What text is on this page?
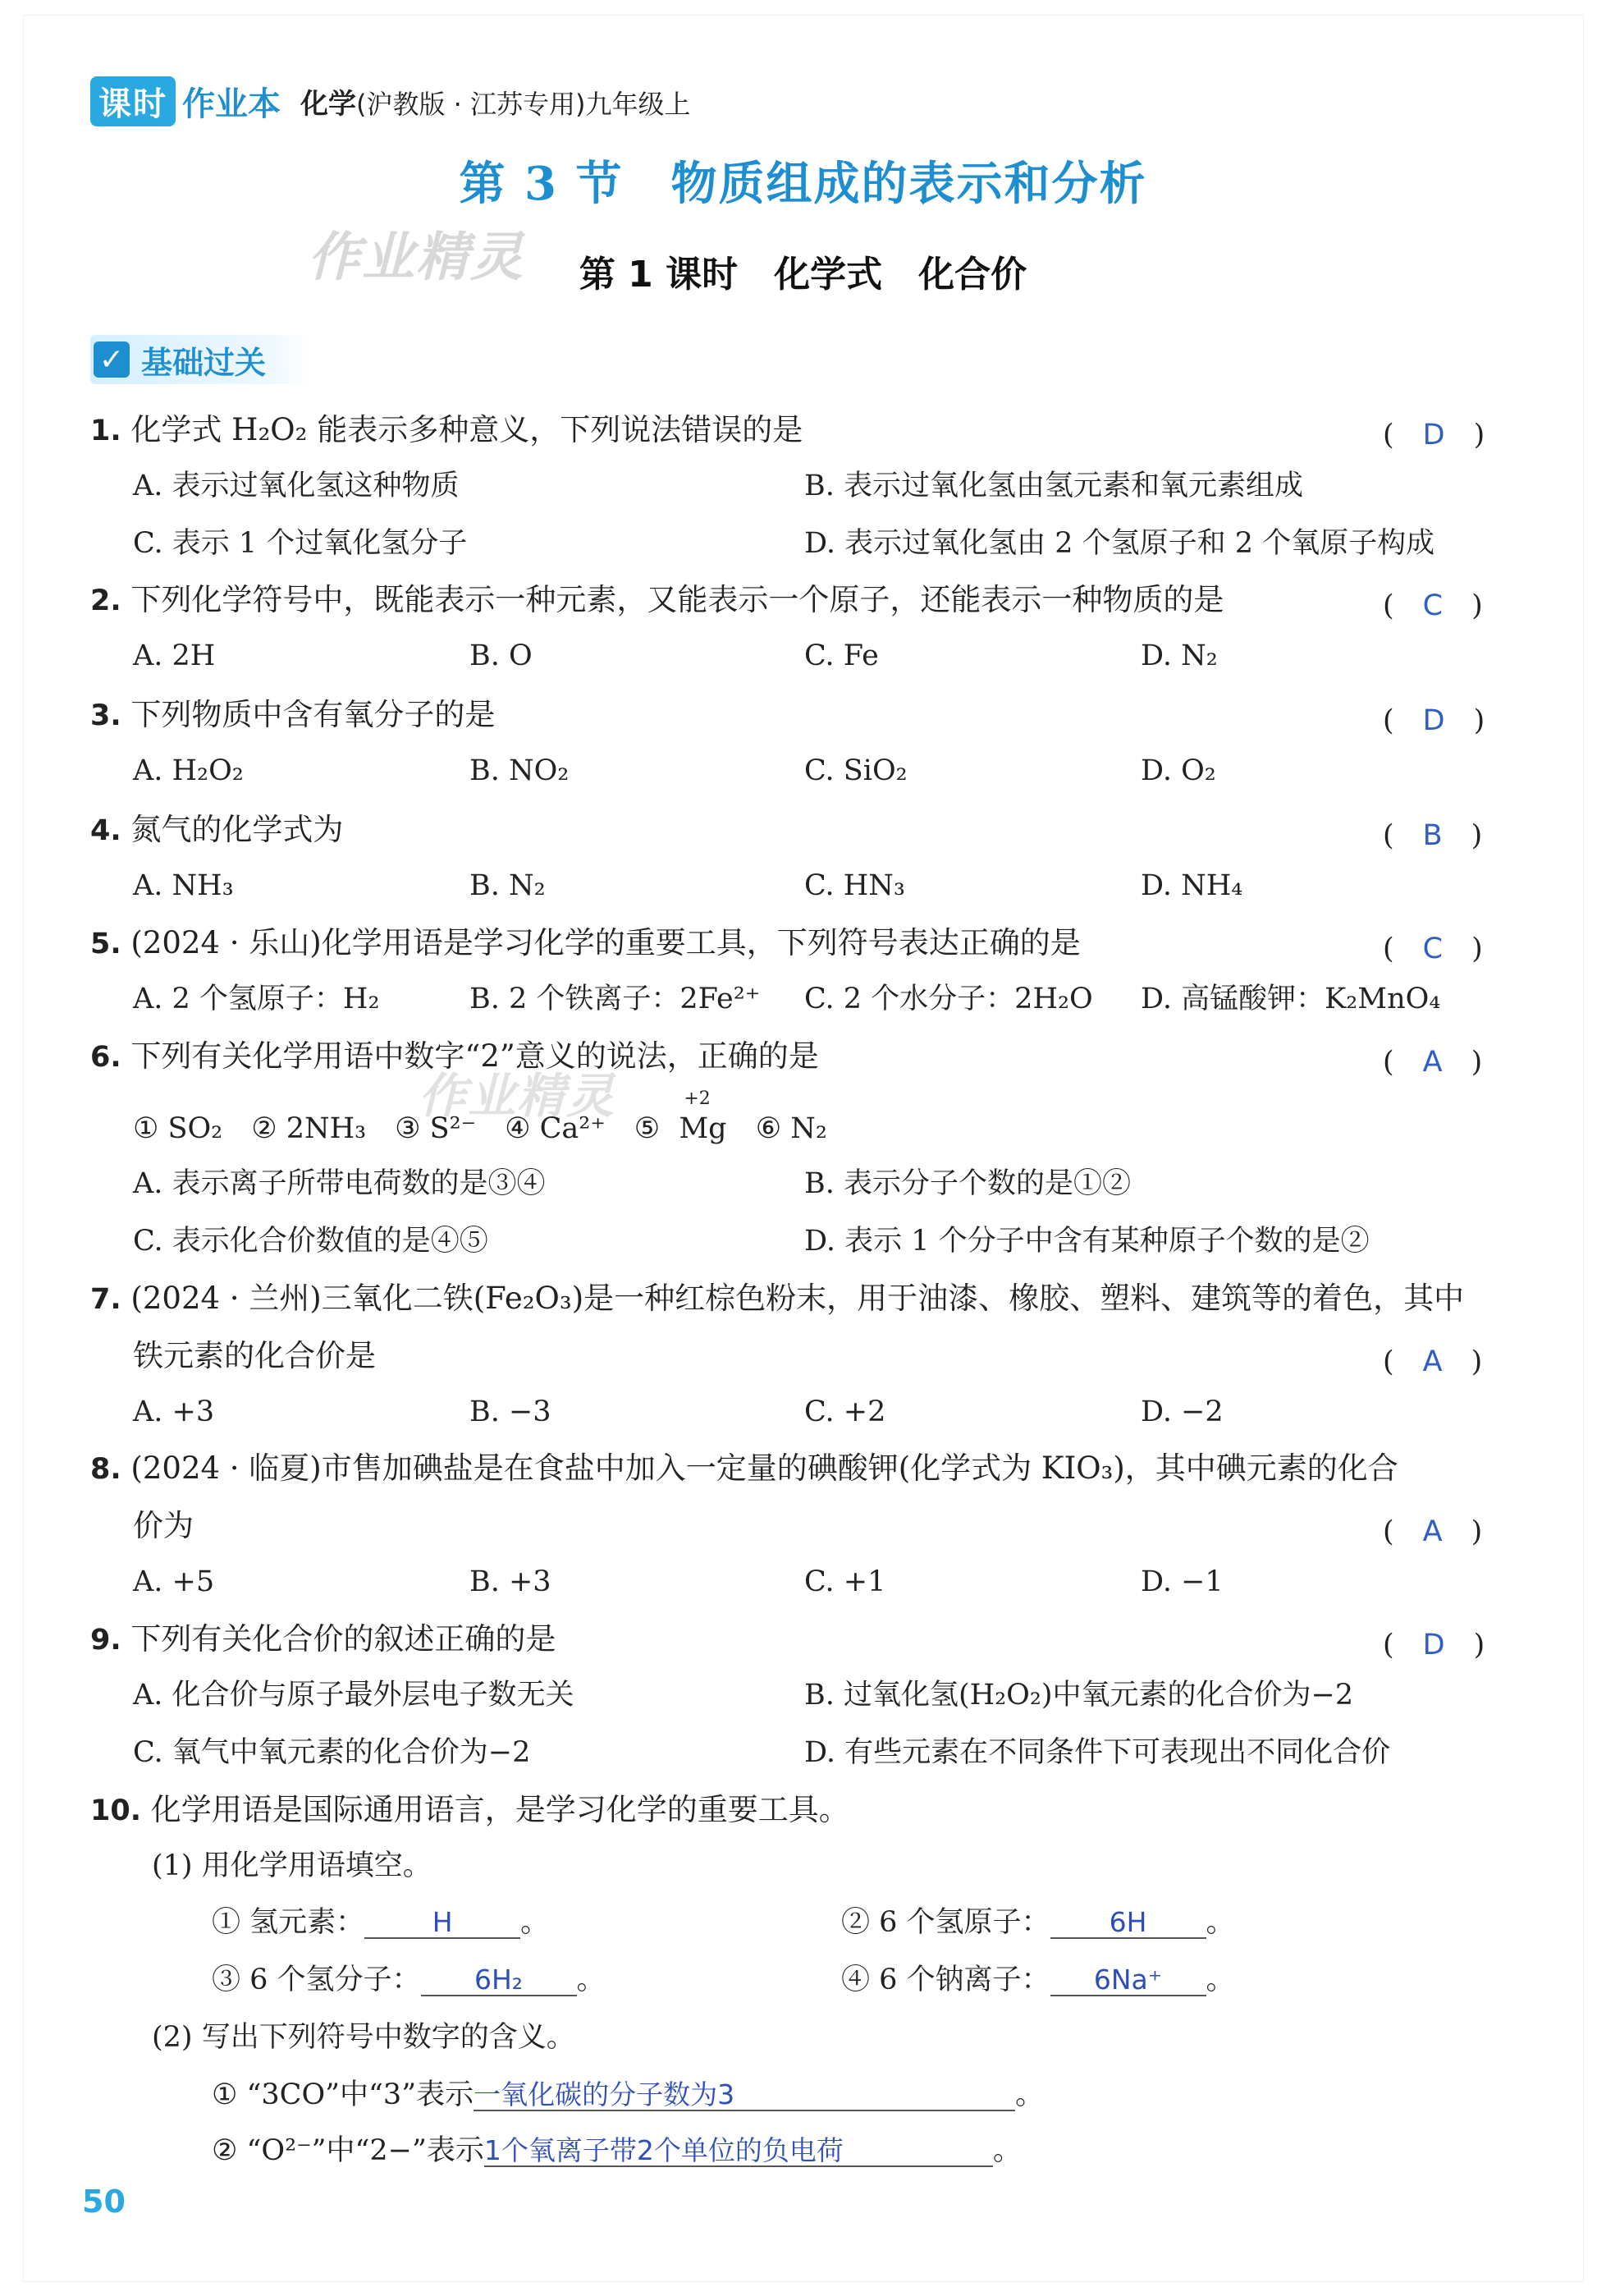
课时 作业本 化学(沪教版 · 江苏专用)九年级上
第 3 节　物质组成的表示和分析
作业精灵	第 1 课时　化学式　化合价
✓ 基础过关
1. 化学式 H₂O₂ 能表示多种意义，下列说法错误的是	(　D　)
A. 表示过氧化氢这种物质	B. 表示过氧化氢由氢元素和氧元素组成
C. 表示 1 个过氧化氢分子	D. 表示过氧化氢由 2 个氢原子和 2 个氧原子构成
2. 下列化学符号中，既能表示一种元素，又能表示一个原子，还能表示一种物质的是	(　C　)
A. 2H	B. O	C. Fe	D. N₂
3. 下列物质中含有氧分子的是	(　D　)
A. H₂O₂	B. NO₂	C. SiO₂	D. O₂
4. 氮气的化学式为	(　B　)
A. NH₃	B. N₂	C. HN₃	D. NH₄
5. (2024 · 乐山)化学用语是学习化学的重要工具，下列符号表达正确的是	(　C　)
A. 2 个氢原子：H₂	B. 2 个铁离子：2Fe²⁺ C. 2 个水分子：2H₂O D. 高锰酸钾：K₂MnO₄
6. 下列有关化学用语中数字“2”意义的说法，正确的是	(　A　)
作业精灵
① SO₂　② 2NH₃　③ S²⁻　④ Ca²⁺　⑤
+2
Mg ⑥ N₂
A. 表示离子所带电荷数的是③④	B. 表示分子个数的是①②
C. 表示化合价数值的是④⑤	D. 表示 1 个分子中含有某种原子个数的是②
7. (2024 · 兰州)三氧化二铁(Fe₂O₃)是一种红棕色粉末，用于油漆、橡胶、塑料、建筑等的着色，其中
铁元素的化合价是	(　A　)
A. +3	B. −3	C. +2	D. −2
8. (2024 · 临夏)市售加碘盐是在食盐中加入一定量的碘酸钾(化学式为 KIO₃)，其中碘元素的化合
价为	(　A　)
A. +5	B. +3	C. +1	D. −1
9. 下列有关化合价的叙述正确的是	(　D　)
A. 化合价与原子最外层电子数无关	B. 过氧化氢(H₂O₂)中氧元素的化合价为−2
C. 氧气中氧元素的化合价为−2	D. 有些元素在不同条件下可表现出不同化合价
10. 化学用语是国际通用语言，是学习化学的重要工具。
(1) 用化学用语填空。
① 氢元素：	H 。	② 6 个氢原子： 6H 。
③ 6 个氢分子： 6H₂ 。	④ 6 个钠离子： 6Na⁺ 。
(2) 写出下列符号中数字的含义。
① “3CO”中“3”表示一氧化碳的分子数为3	。
② “O²⁻”中“2−”表示1个氧离子带2个单位的负电荷	。
50
